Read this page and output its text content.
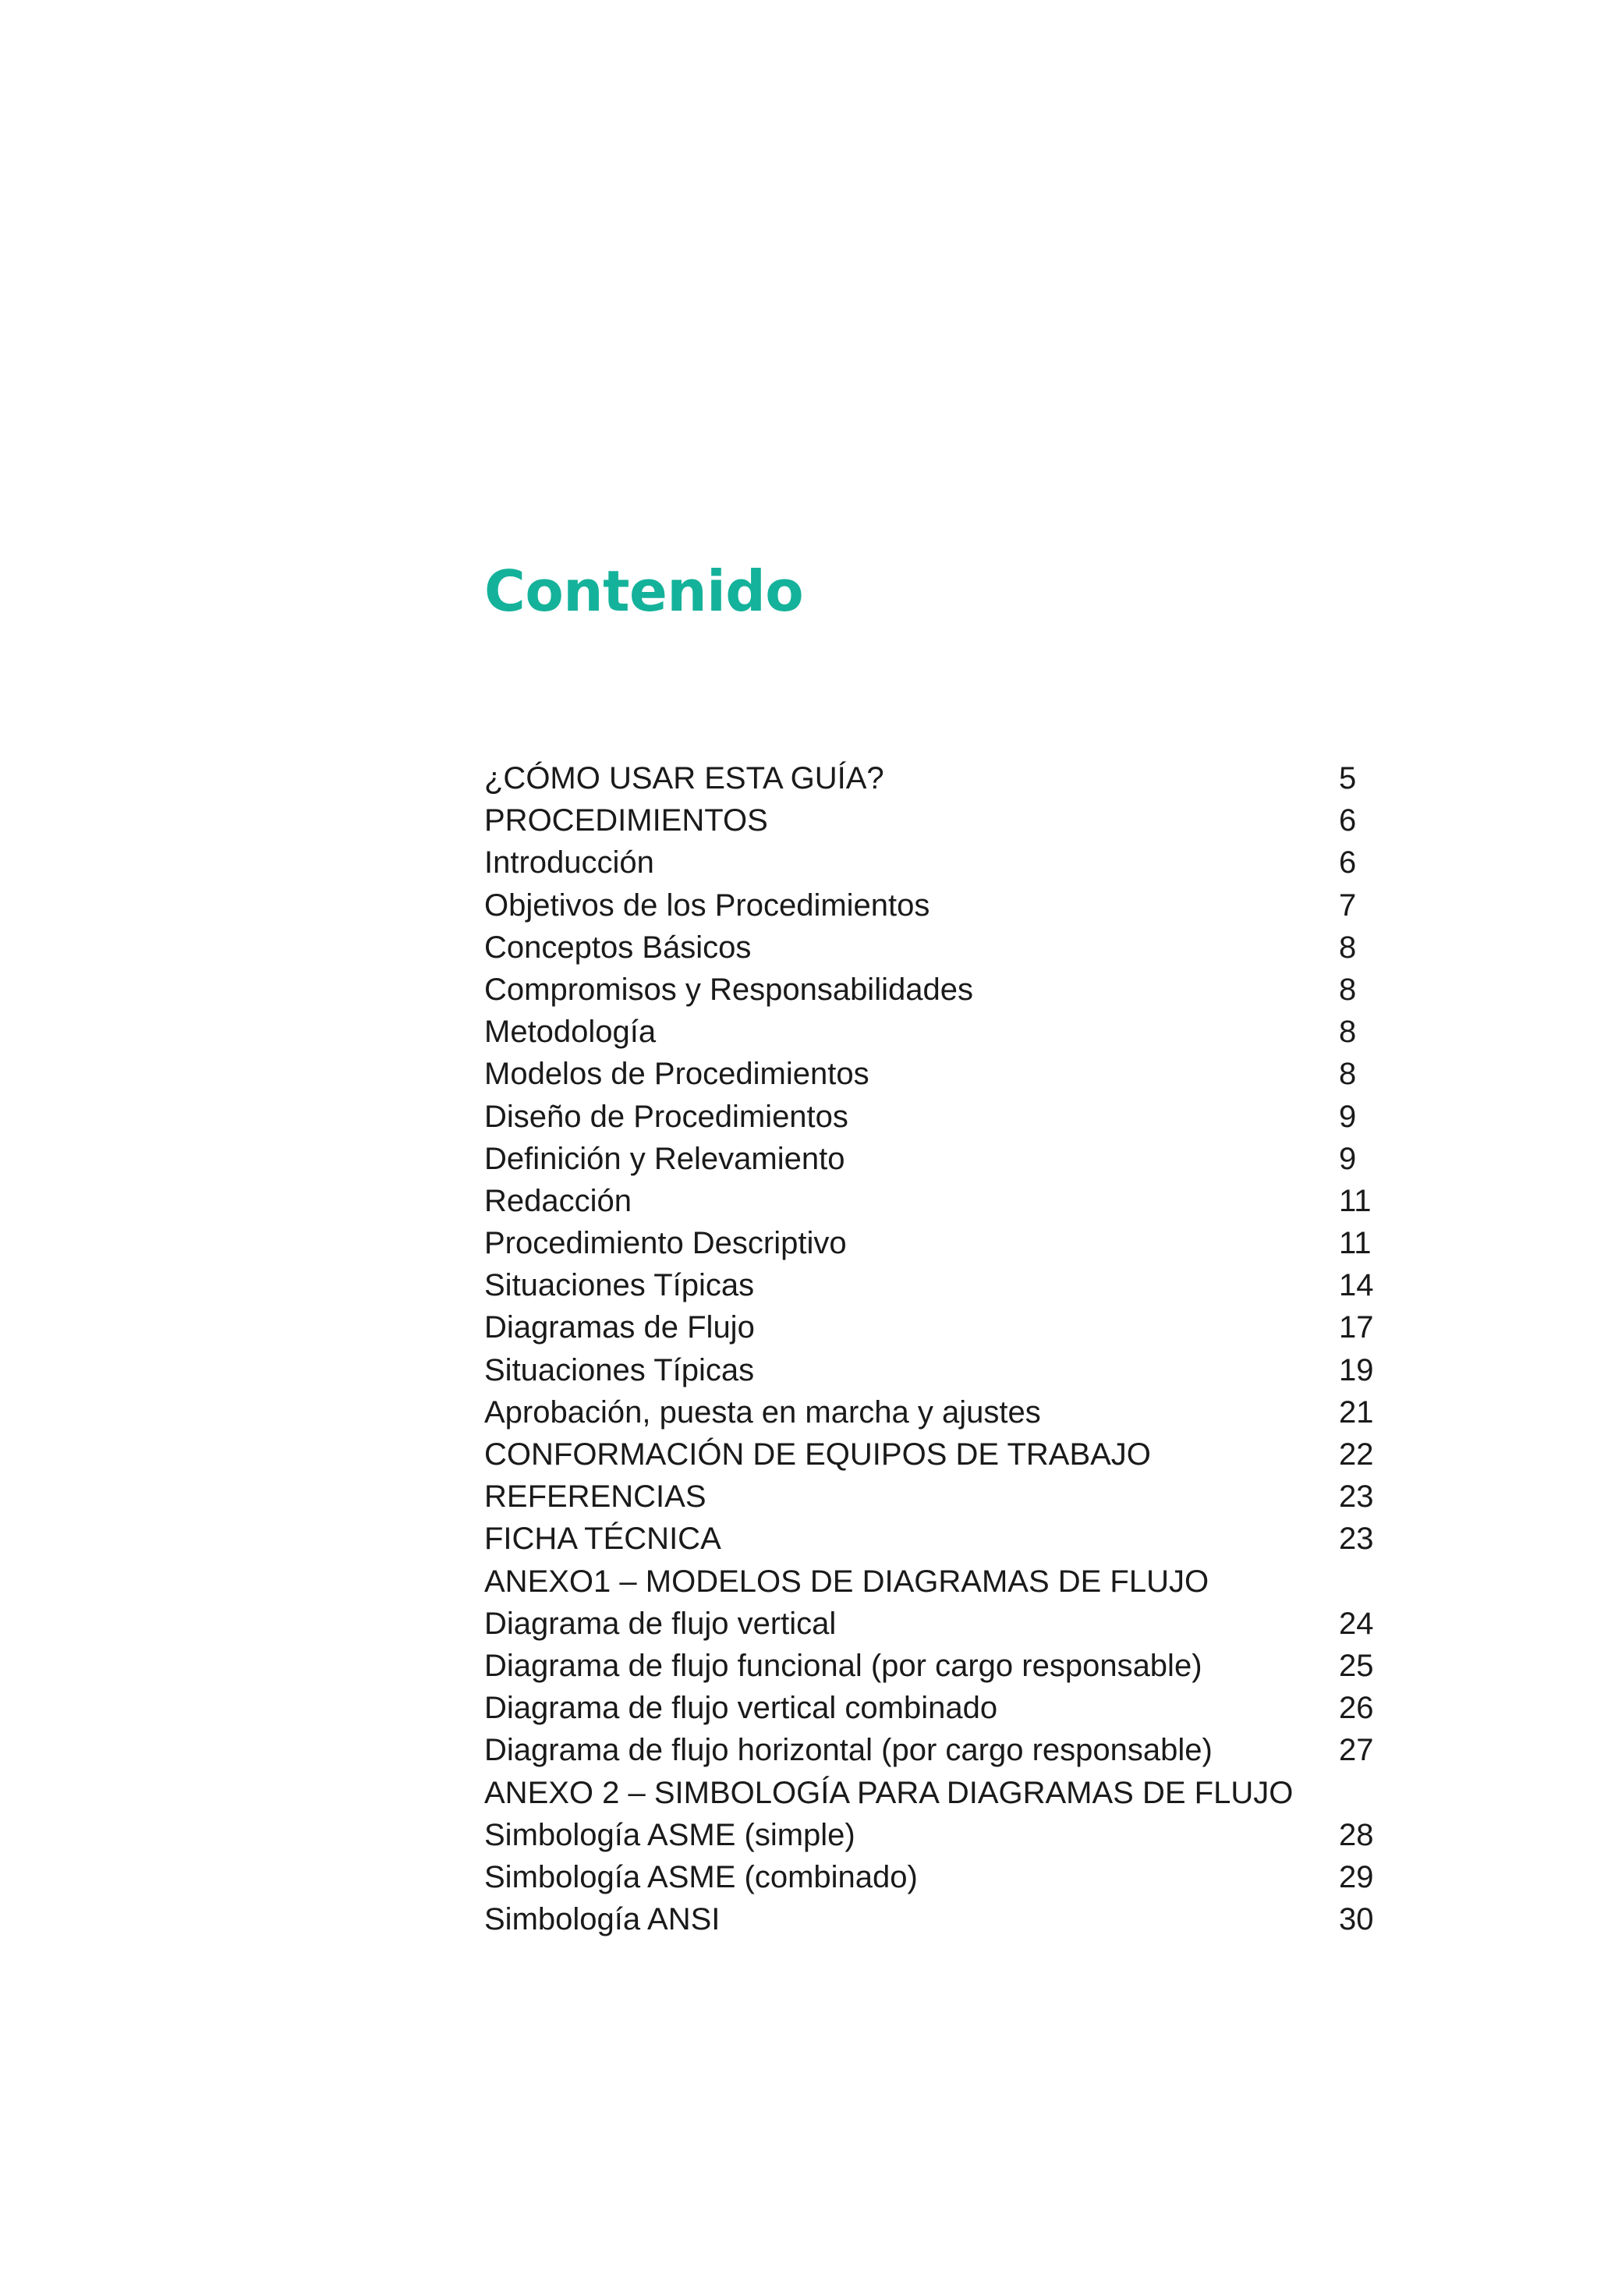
Contenido
¿CÓMO USAR ESTA GUÍA?	5
PROCEDIMIENTOS	6
Introducción	6
Objetivos de los Procedimientos	7
Conceptos Básicos	8
Compromisos y Responsabilidades	8
Metodología	8
Modelos de Procedimientos	8
Diseño de Procedimientos	9
Definición y Relevamiento	9
Redacción	11
Procedimiento Descriptivo	11
Situaciones Típicas	14
Diagramas de Flujo	17
Situaciones Típicas	19
Aprobación, puesta en marcha y ajustes	21
CONFORMACIÓN DE EQUIPOS DE TRABAJO	22
REFERENCIAS	23
FICHA TÉCNICA	23
ANEXO1 – MODELOS DE DIAGRAMAS DE FLUJO
Diagrama de flujo vertical	24
Diagrama de flujo funcional (por cargo responsable)	25
Diagrama de flujo vertical combinado	26
Diagrama de flujo horizontal (por cargo responsable)	27
ANEXO 2 – SIMBOLOGÍA PARA DIAGRAMAS DE FLUJO
Simbología ASME (simple)	28
Simbología ASME (combinado)	29
Simbología ANSI	30
